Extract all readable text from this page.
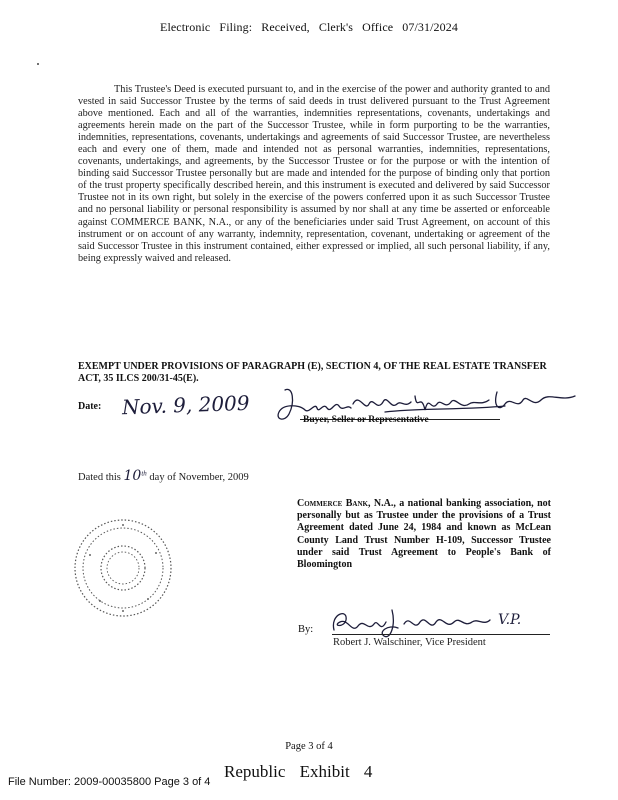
Electronic Filing: Received, Clerk's Office 07/31/2024
This Trustee's Deed is executed pursuant to, and in the exercise of the power and authority granted to and vested in said Successor Trustee by the terms of said deeds in trust delivered pursuant to the Trust Agreement above mentioned. Each and all of the warranties, indemnities representations, covenants, undertakings and agreements herein made on the part of the Successor Trustee, while in form purporting to be the warranties, indemnities, representations, covenants, undertakings and agreements of said Successor Trustee, are nevertheless each and every one of them, made and intended not as personal warranties, indemnities, representations, covenants, undertakings, and agreements, by the Successor Trustee or for the purpose or with the intention of binding said Successor Trustee personally but are made and intended for the purpose of binding only that portion of the trust property specifically described herein, and this instrument is executed and delivered by said Successor Trustee not in its own right, but solely in the exercise of the powers conferred upon it as such Successor Trustee and no personal liability or personal responsibility is assumed by nor shall at any time be asserted or enforceable against COMMERCE BANK, N.A., or any of the beneficiaries under said Trust Agreement, on account of this instrument or on account of any warranty, indemnity, representation, covenant, undertaking or agreement of the said Successor Trustee in this instrument contained, either expressed or implied, all such personal liability, if any, being expressly waived and released.
EXEMPT UNDER PROVISIONS OF PARAGRAPH (E), SECTION 4, OF THE REAL ESTATE TRANSFER ACT, 35 ILCS 200/31-45(E).
Date: Nov. 9, 2009
Buyer, Seller or Representative
Dated this 10th day of November, 2009
Commerce Bank, N.A., a national banking association, not personally but as Trustee under the provisions of a Trust Agreement dated June 24, 1984 and known as McLean County Land Trust Number H-109, Successor Trustee under said Trust Agreement to People's Bank of Bloomington
By:
V.P.
Robert J. Walschiner, Vice President
Page 3 of 4
Republic Exhibit 4
File Number: 2009-00035800 Page 3 of 4
